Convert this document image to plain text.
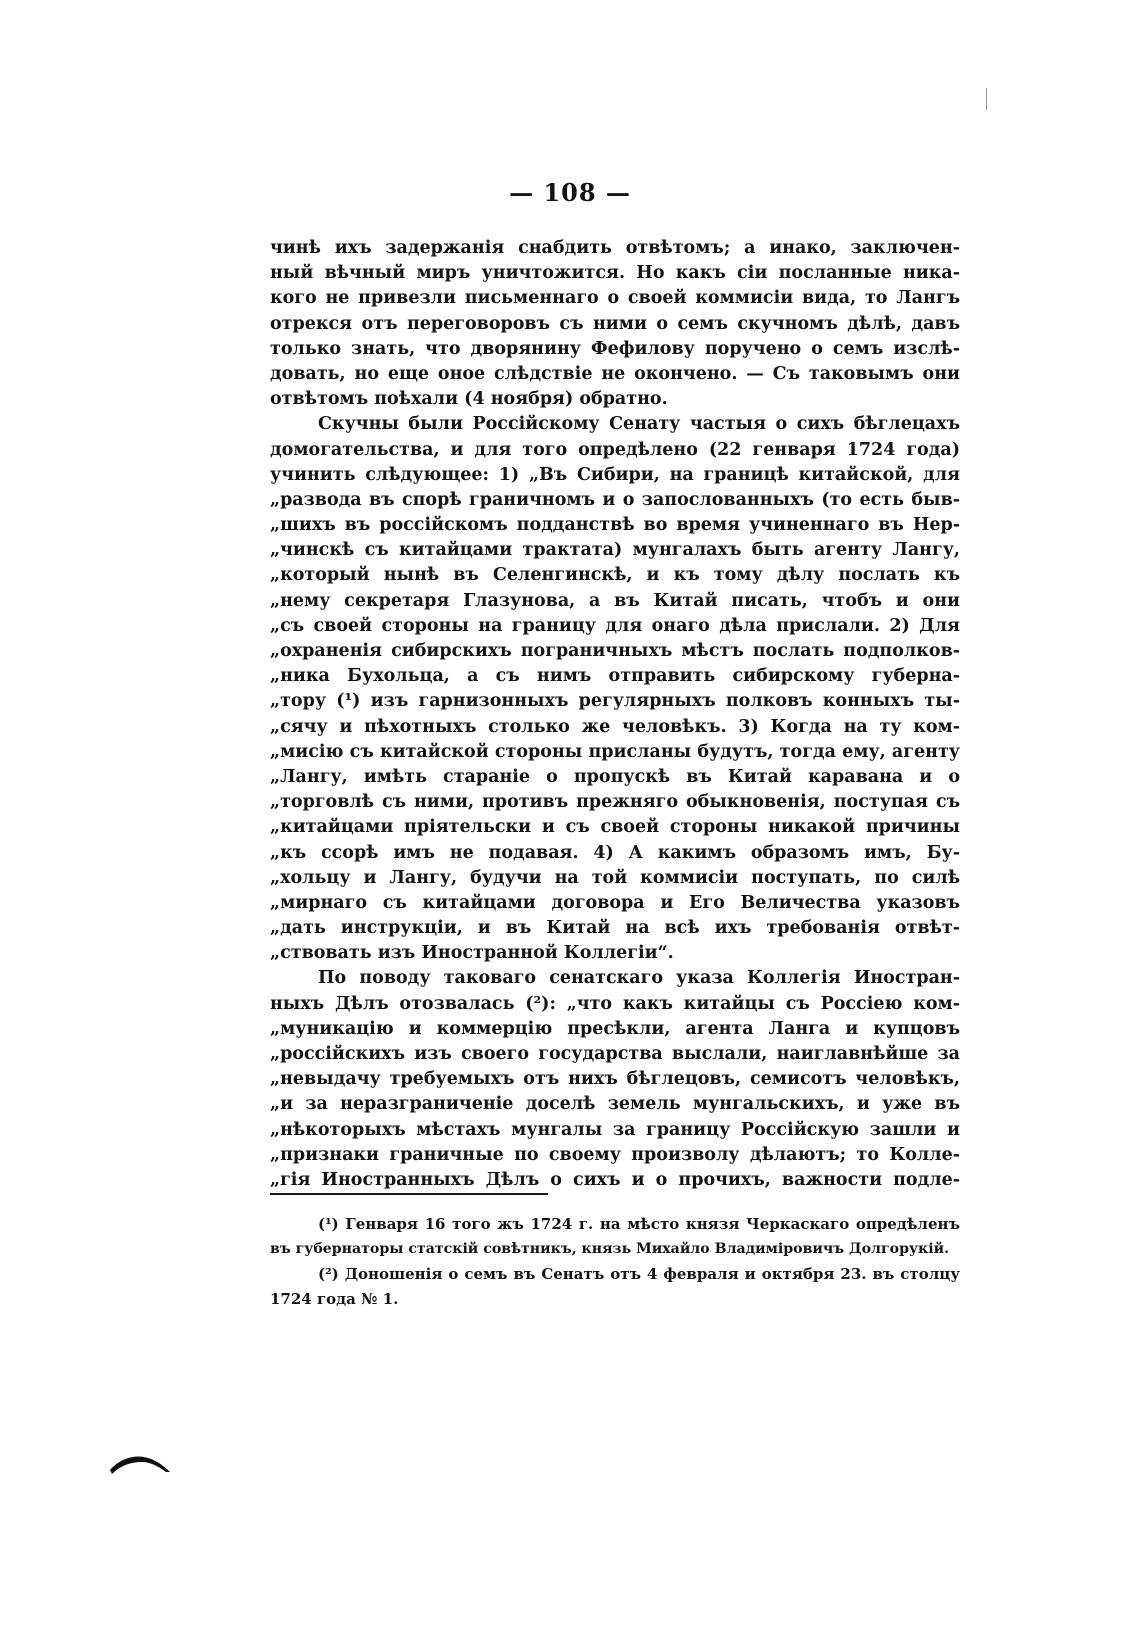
— 108 —
чинѣ ихъ задержанія снабдить отвѣтомъ; а инако, заключен-
ный вѣчный миръ уничтожится. Но какъ сіи посланные ника-
кого не привезли письменнаго о своей коммисіи вида, то Лангъ
отрекся отъ переговоровъ съ ними о семъ скучномъ дѣлѣ, давъ
только знать, что дворянину Фефилову поручено о семъ изслѣ-
довать, но еще оное слѣдствіе не окончено. — Съ таковымъ они
отвѣтомъ поѣхали (4 ноября) обратно.
Скучны были Россійскому Сенату частыя о сихъ бѣглецахъ
домогательства, и для того опредѣлено (22 генваря 1724 года)
учинить слѣдующее: 1) „Въ Сибири, на границѣ китайской, для
„развода въ спорѣ граничномъ и о запослованныхъ (то есть быв-
„шихъ въ россійскомъ подданствѣ во время учиненнаго въ Нер-
„чинскѣ съ китайцами трактата) мунгалахъ быть агенту Лангу,
„который нынѣ въ Селенгинскѣ, и къ тому дѣлу послать къ
„нему секретаря Глазунова, а въ Китай писать, чтобъ и они
„съ своей стороны на границу для онаго дѣла прислали. 2) Для
„охраненія сибирскихъ пограничныхъ мѣстъ послать подполков-
„ника Бухольца, а съ нимъ отправить сибирскому губерна-
„тору (¹) изъ гарнизонныхъ регулярныхъ полковъ конныхъ ты-
„сячу и пѣхотныхъ столько же человѣкъ. 3) Когда на ту ком-
„мисію съ китайской стороны присланы будутъ, тогда ему, агенту
„Лангу, имѣть стараніе о пропускѣ въ Китай каравана и о
„торговлѣ съ ними, противъ прежняго обыкновенія, поступая съ
„китайцами пріятельски и съ своей стороны никакой причины
„къ ссорѣ имъ не подавая. 4) А какимъ образомъ имъ, Бу-
„хольцу и Лангу, будучи на той коммисіи поступать, по силѣ
„мирнаго съ китайцами договора и Его Величества указовъ
„дать инструкціи, и въ Китай на всѣ ихъ требованія отвѣт-
„ствовать изъ Иностранной Коллегіи“.
По поводу таковаго сенатскаго указа Коллегія Иностран-
ныхъ Дѣлъ отозвалась (²): „что какъ китайцы съ Россіею ком-
„муникацію и коммерцію пресѣкли, агента Ланга и купцовъ
„россійскихъ изъ своего государства выслали, наиглавнѣйше за
„невыдачу требуемыхъ отъ нихъ бѣглецовъ, семисотъ человѣкъ,
„и за неразграниченіе доселѣ земель мунгальскихъ, и уже въ
„нѣкоторыхъ мѣстахъ мунгалы за границу Россійскую зашли и
„признаки граничные по своему произволу дѣлаютъ; то Колле-
„гія Иностранныхъ Дѣлъ о сихъ и о прочихъ, важности подле-
(¹) Генваря 16 того жъ 1724 г. на мѣсто князя Черкаскаго опредѣленъ
въ губернаторы статскій совѣтникъ, князь Михайло Владиміровичъ Долгорукій.
(²) Доношенія о семъ въ Сенатъ отъ 4 февраля и октября 23. въ столцу
1724 года № 1.
